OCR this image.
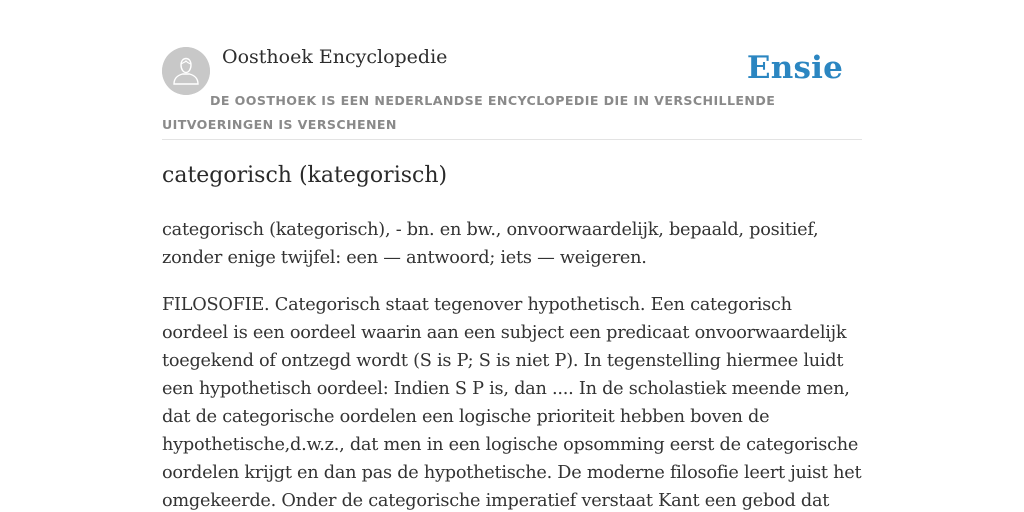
Oosthoek Encyclopedie	Ensie
DE OOSTHOEK IS EEN NEDERLANDSE ENCYCLOPEDIE DIE IN VERSCHILLENDE UITVOERINGEN IS VERSCHENEN
categorisch (kategorisch)

categorisch (kategorisch), - bn. en bw., onvoorwaardelijk, bepaald, positief, zonder enige twijfel: een — antwoord; iets — weigeren.

FILOSOFIE. Categorisch staat tegenover hypothetisch. Een categorisch oordeel is een oordeel waarin aan een subject een predicaat onvoorwaardelijk toegekend of ontzegd wordt (S is P; S is niet P). In tegenstelling hiermee luidt een hypothetisch oordeel: Indien S P is, dan .... In de scholastiek meende men, dat de categorische oordelen een logische prioriteit hebben boven de hypothetische,d.w.z., dat men in een logische opsomming eerst de categorische oordelen krijgt en dan pas de hypothetische. De moderne filosofie leert juist het omgekeerde. Onder de categorische imperatief verstaat Kant een gebod dat
